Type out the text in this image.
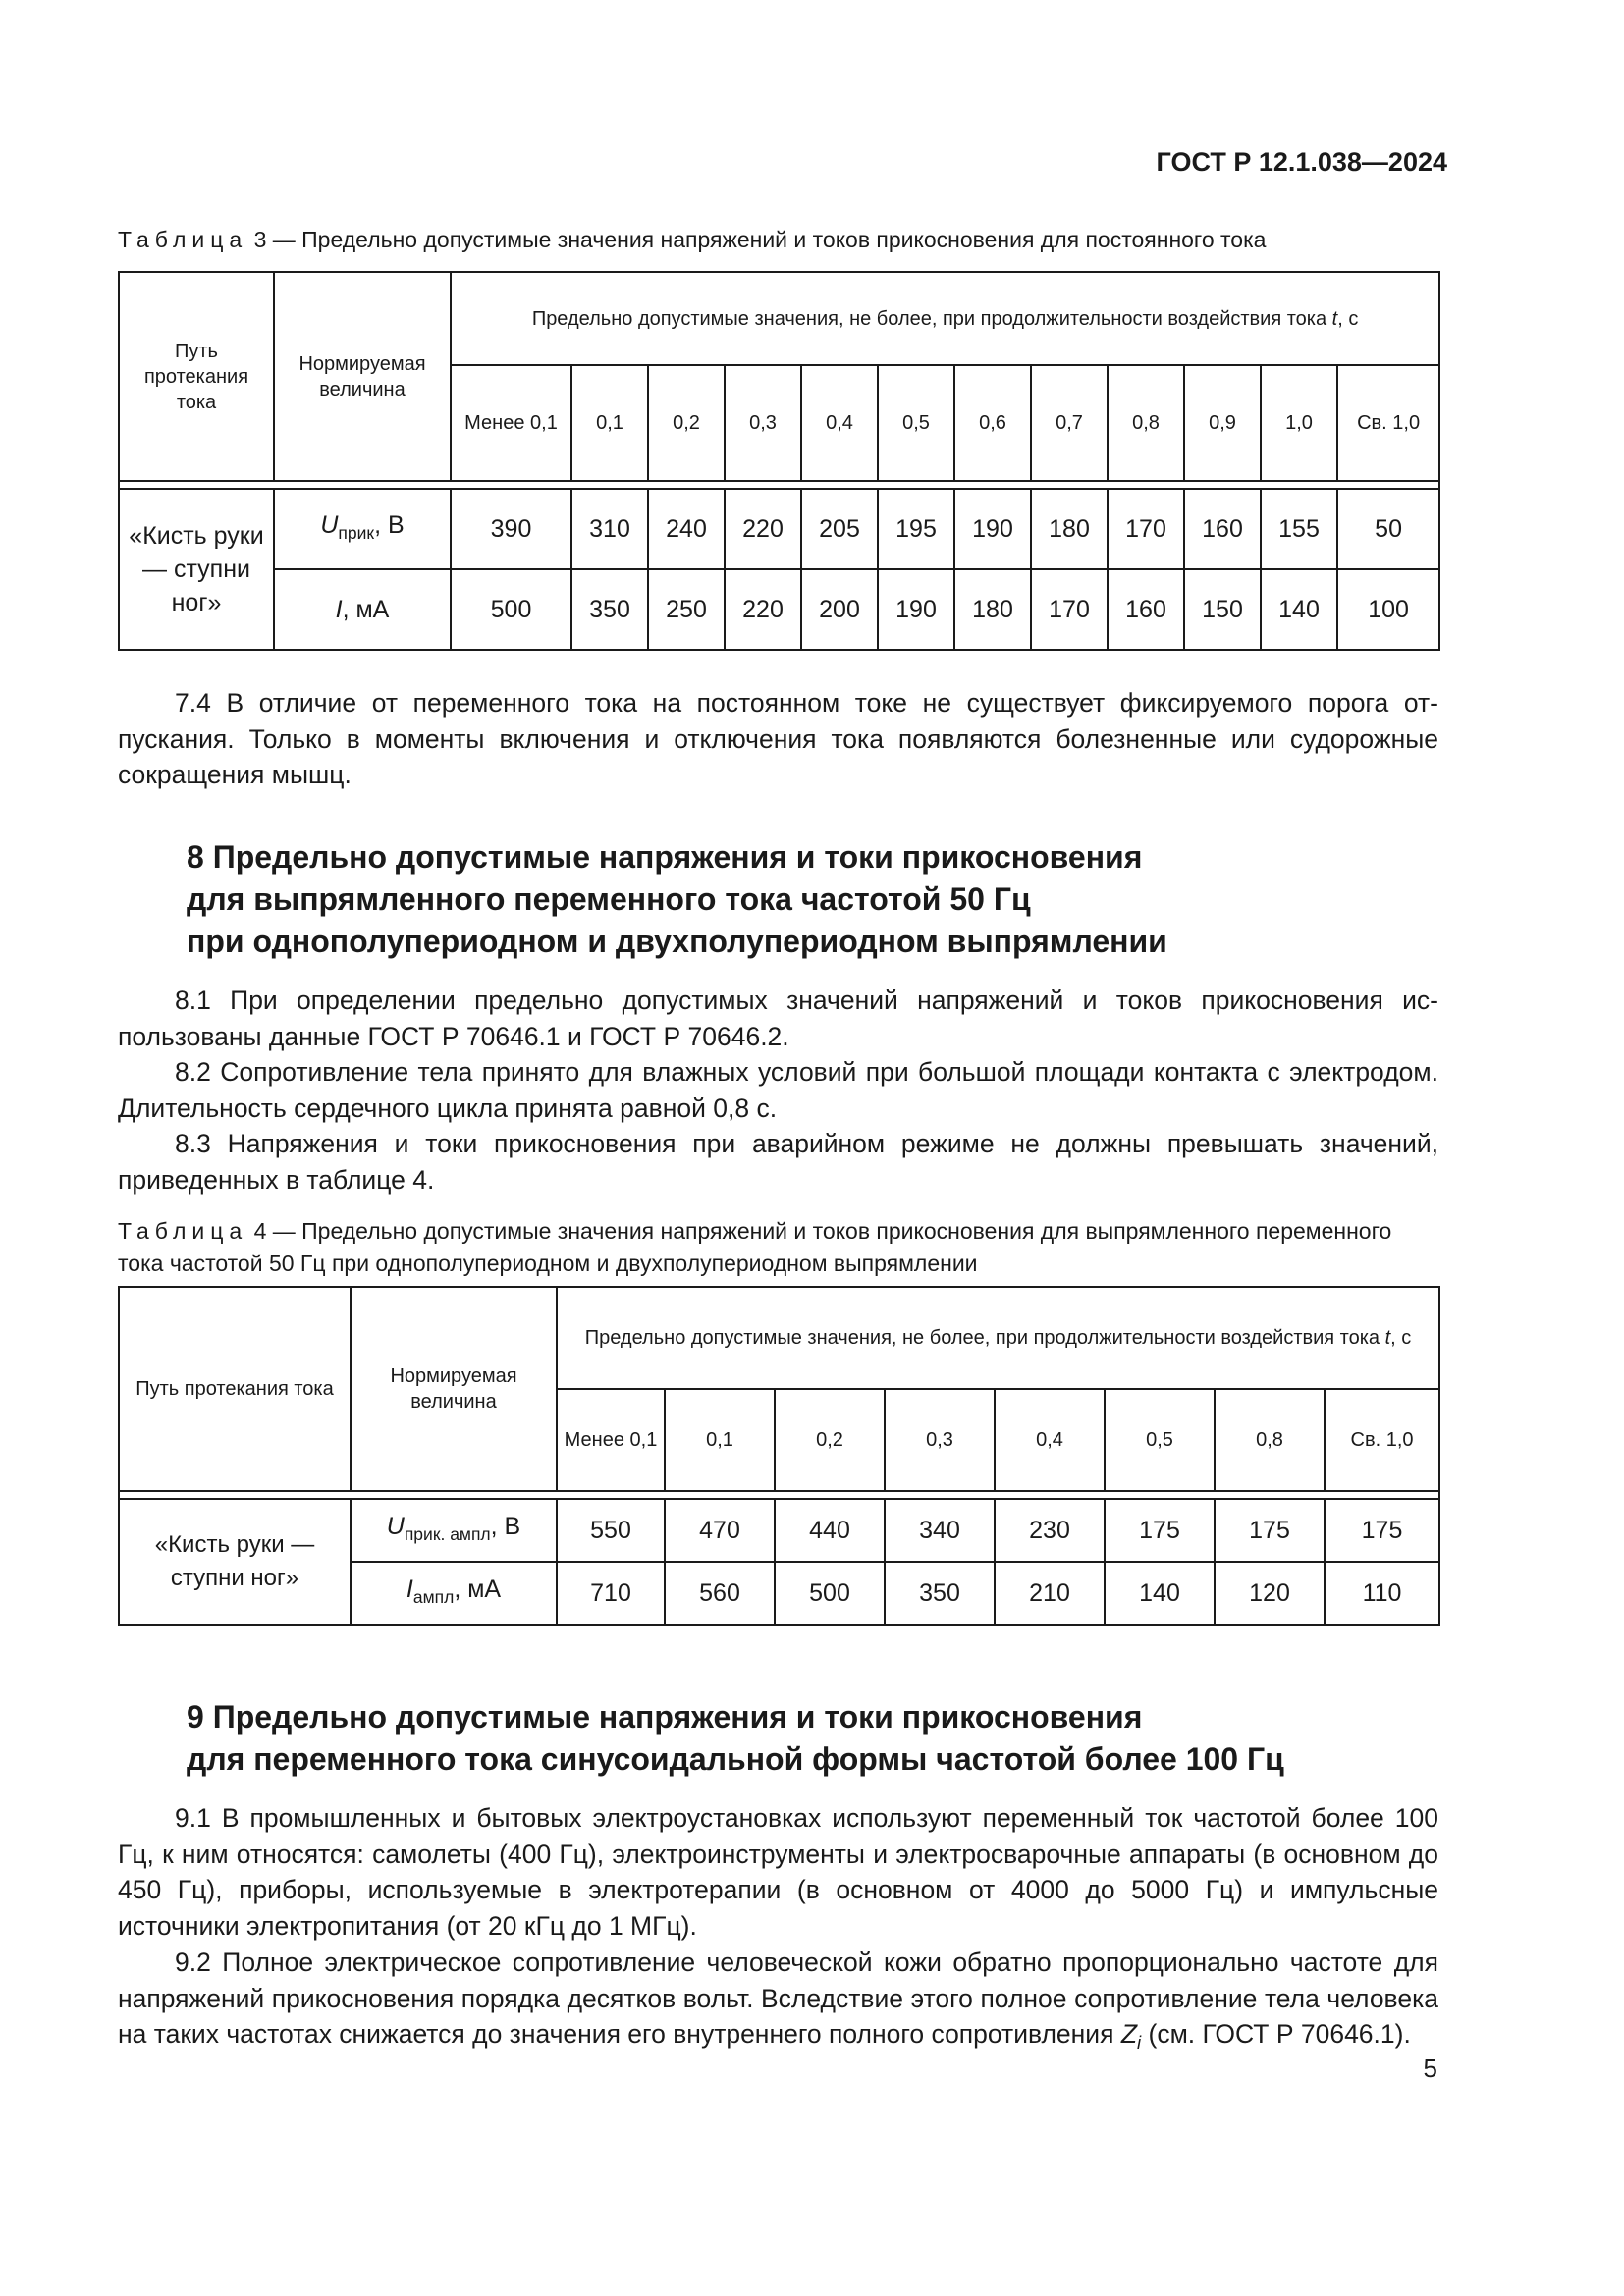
ГОСТ Р 12.1.038—2024
Таблица 3 — Предельно допустимые значения напряжений и токов прикосновения для постоянного тока
Путь протекания тока	Нормируемая величина	Предельно допустимые значения, не более, при продолжительности воздействия тока t, с											
		Менее 0,1	0,1	0,2	0,3	0,4	0,5	0,6	0,7	0,8	0,9	1,0	Св. 1,0

«Кисть руки — ступни ног»	$U_{прик}$, В	390	310	240	220	205	195	190	180	170	160	155	50
	I, мА	500	350	250	220	200	190	180	170	160	150	140	100

7.4 В отличие от переменного тока на постоянном токе не существует фиксируемого порога отпускания. Только в моменты включения и отключения тока появляются болезненные или судорожные сокращения мышц.

8 Предельно допустимые напряжения и токи прикосновения
для выпрямленного переменного тока частотой 50 Гц
при однополупериодном и двухполупериодном выпрямлении

8.1 При определении предельно допустимых значений напряжений и токов прикосновения использованы данные ГОСТ Р 70646.1 и ГОСТ Р 70646.2.

8.2 Сопротивление тела принято для влажных условий при большой площади контакта с электродом. Длительность сердечного цикла принята равной 0,8 с.

8.3 Напряжения и токи прикосновения при аварийном режиме не должны превышать значений, приведенных в таблице 4.

Таблица 4 — Предельно допустимые значения напряжений и токов прикосновения для выпрямленного переменного тока частотой 50 Гц при однополупериодном и двухполупериодном выпрямлении
Путь протекания тока	Нормируемая величина	Предельно допустимые значения, не более, при продолжительности воздействия тока t, с							
		Менее 0,1	0,1	0,2	0,3	0,4	0,5	0,8	Св. 1,0

«Кисть руки — ступни ног»	$U_{прик. ампл}$, В	550	470	440	340	230	175	175	175
	$I_{ампл}$, мА	710	560	500	350	210	140	120	110
9 Предельно допустимые напряжения и токи прикосновения
для переменного тока синусоидальной формы частотой более 100 Гц

9.1 В промышленных и бытовых электроустановках используют переменный ток частотой более 100 Гц, к ним относятся: самолеты (400 Гц), электроинструменты и электросварочные аппараты (в основном до 450 Гц), приборы, используемые в электротерапии (в основном от 4000 до 5000 Гц) и импульсные источники электропитания (от 20 кГц до 1 МГц).

9.2 Полное электрическое сопротивление человеческой кожи обратно пропорционально частоте для напряжений прикосновения порядка десятков вольт. Вследствие этого полное сопротивление тела человека на таких частотах снижается до значения его внутреннего полного сопротивления $Z_i$ (см. ГОСТ Р 70646.1).

5
